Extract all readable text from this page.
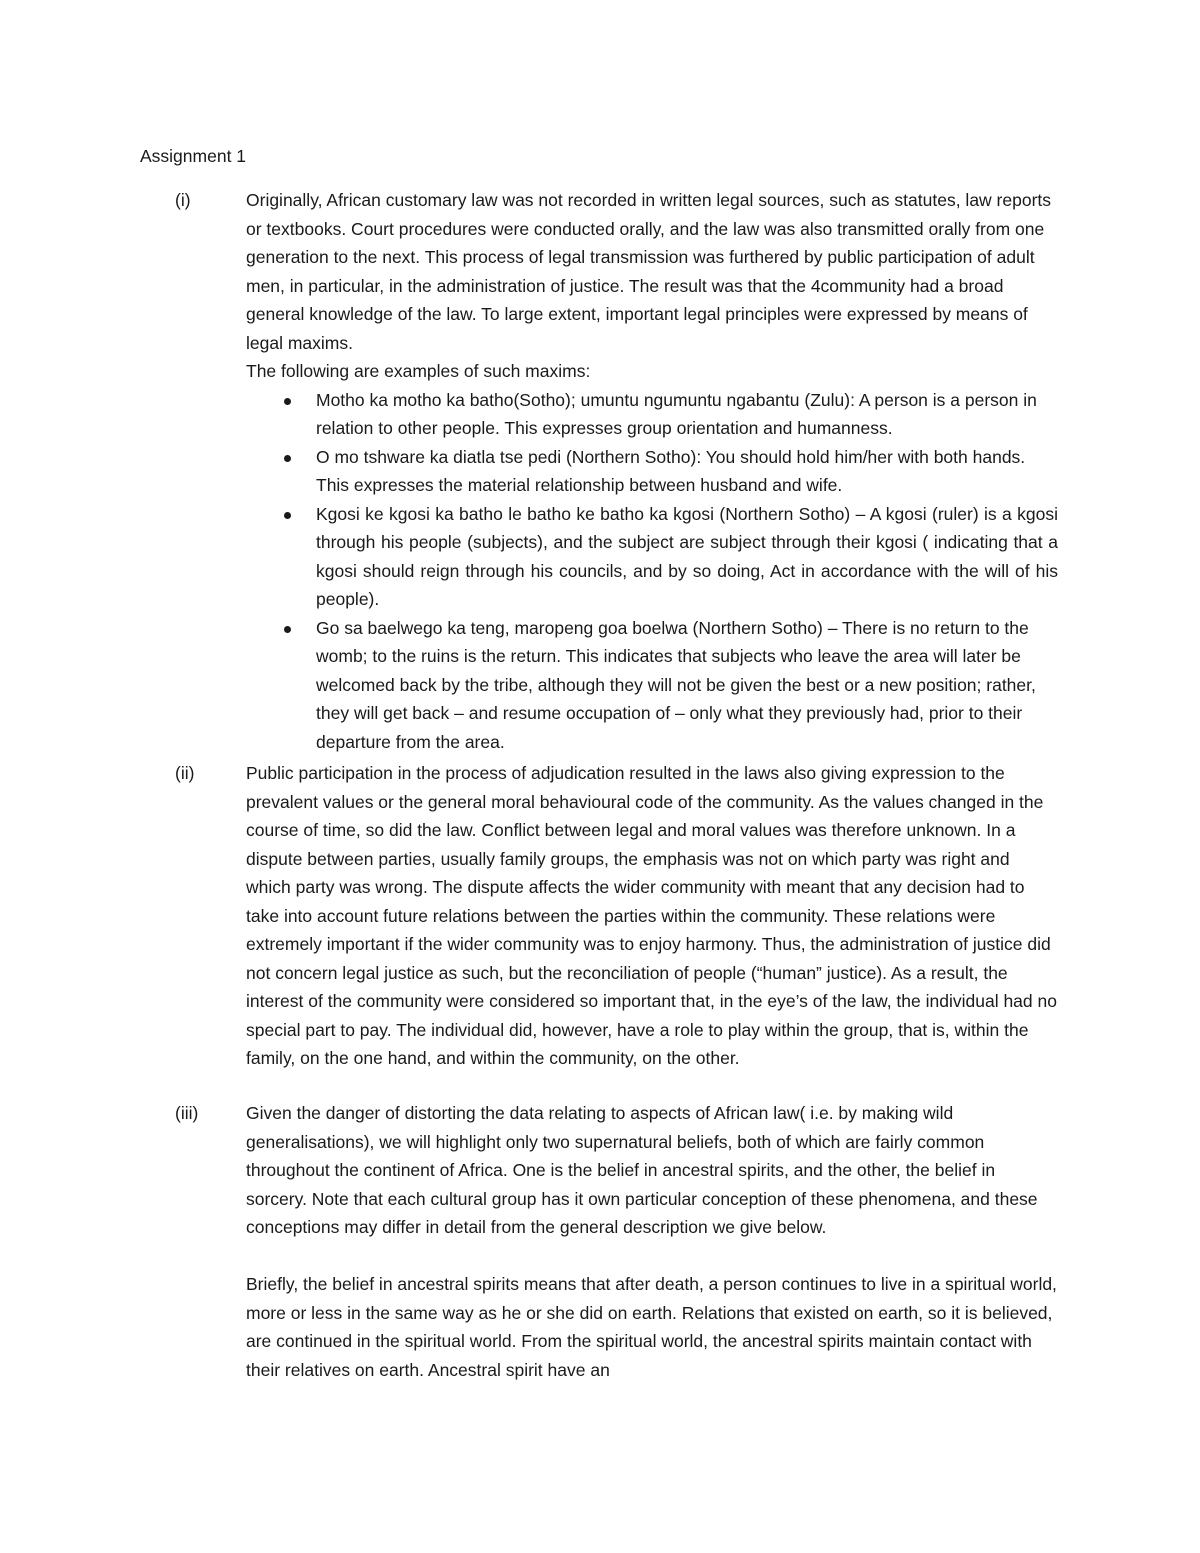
Assignment 1
(i)	Originally, African customary law was not recorded in written legal sources, such as statutes, law reports or textbooks. Court procedures were conducted orally, and the law was also transmitted orally from one generation to the next. This process of legal transmission was furthered by public participation of adult men, in particular, in the administration of justice. The result was that the 4community had a broad general knowledge of the law. To large extent, important legal principles were expressed by means of legal maxims.

The following are examples of such maxims:

Motho ka motho ka batho(Sotho); umuntu ngumuntu ngabantu (Zulu): A person is a person in relation to other people. This expresses group orientation and humanness.
O mo tshware ka diatla tse pedi (Northern Sotho): You should hold him/her with both hands. This expresses the material relationship between husband and wife.
Kgosi ke kgosi ka batho le batho ke batho ka kgosi (Northern Sotho) – A kgosi (ruler) is a kgosi through his people (subjects), and the subject are subject through their kgosi ( indicating that a kgosi should reign through his councils, and by so doing, Act in accordance with the will of his people).
Go sa baelwego ka teng, maropeng goa boelwa (Northern Sotho) – There is no return to the womb; to the ruins is the return. This indicates that subjects who leave the area will later be welcomed back by the tribe, although they will not be given the best or a new position; rather, they will get back – and resume occupation of – only what they previously had, prior to their departure from the area.
(ii)	Public participation in the process of adjudication resulted in the laws also giving expression to the prevalent values or the general moral behavioural code of the community. As the values changed in the course of time, so did the law. Conflict between legal and moral values was therefore unknown. In a dispute between parties, usually family groups, the emphasis was not on which party was right and which party was wrong. The dispute affects the wider community with meant that any decision had to take into account future relations between the parties within the community. These relations were extremely important if the wider community was to enjoy harmony. Thus, the administration of justice did not concern legal justice as such, but the reconciliation of people (“human” justice). As a result, the interest of the community were considered so important that, in the eye’s of the law, the individual had no special part to pay. The individual did, however, have a role to play within the group, that is, within the family, on the one hand, and within the community, on the other.

(iii)	Given the danger of distorting the data relating to aspects of African law( i.e. by making wild generalisations), we will highlight only two supernatural beliefs, both of which are fairly common throughout the continent of Africa. One is the belief in ancestral spirits, and the other, the belief in sorcery. Note that each cultural group has it own particular conception of these phenomena, and these conceptions may differ in detail from the general description we give below.

Briefly, the belief in ancestral spirits means that after death, a person continues to live in a spiritual world, more or less in the same way as he or she did on earth. Relations that existed on earth, so it is believed, are continued in the spiritual world. From the spiritual world, the ancestral spirits maintain contact with their relatives on earth. Ancestral spirit have an
